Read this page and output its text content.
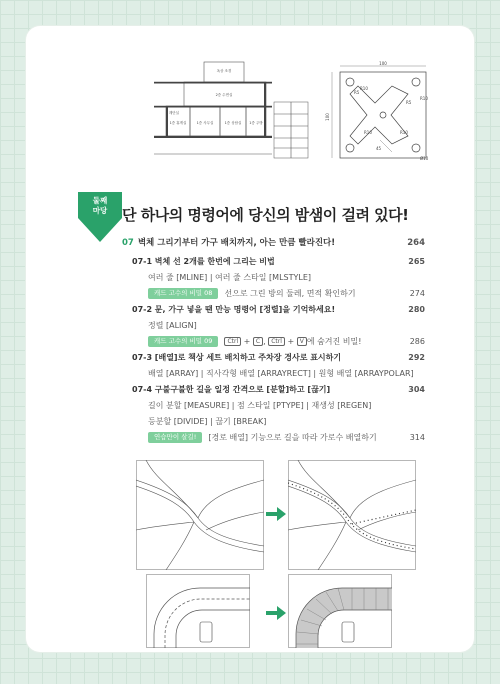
옥상 조경
2층 수면실
1층 휴게실	1층 사무실
계단실
1층 상담실 1층 주방
100
100
R5
R10
R5
R10
R10	R10
45
Ø10
둘째
마당 단 하나의 명령어에 당신의 밤샘이 걸려 있다!
07 벽체 그리기부터 가구 배치까지, 아는 만큼 빨라진다!	264
07-1 벽체 선 2개를 한번에 그리는 비법	265
여러 줄 [MLINE] | 여러 줄 스타일 [MLSTYLE]
캐드 고수의 비밀 08 선으로 그린 방의 둘레, 면적 확인하기	274
07-2 문, 가구 넣을 땐 만능 명령어 [정렬]을 기억하세요!	280
정렬 [ALIGN]
캐드 고수의 비밀 09	Ctrl + C , Ctrl + V 에 숨겨진 비밀!	286
07-3 [배열]로 책상 세트 배치하고 주차장 경사로 표시하기	292
배열 [ARRAY] | 직사각형 배열 [ARRAYRECT] | 원형 배열 [ARRAYPOLAR]
07-4 구불구불한 길을 일정 간격으로 [분할]하고 [끊기]	304
길이 분할 [MEASURE] | 점 스타일 [PTYPE] | 재생성 [REGEN]
등분할 [DIVIDE] | 끊기 [BREAK]
연습만이 살길! [경로 배열] 기능으로 길을 따라 가로수 배열하기	314
